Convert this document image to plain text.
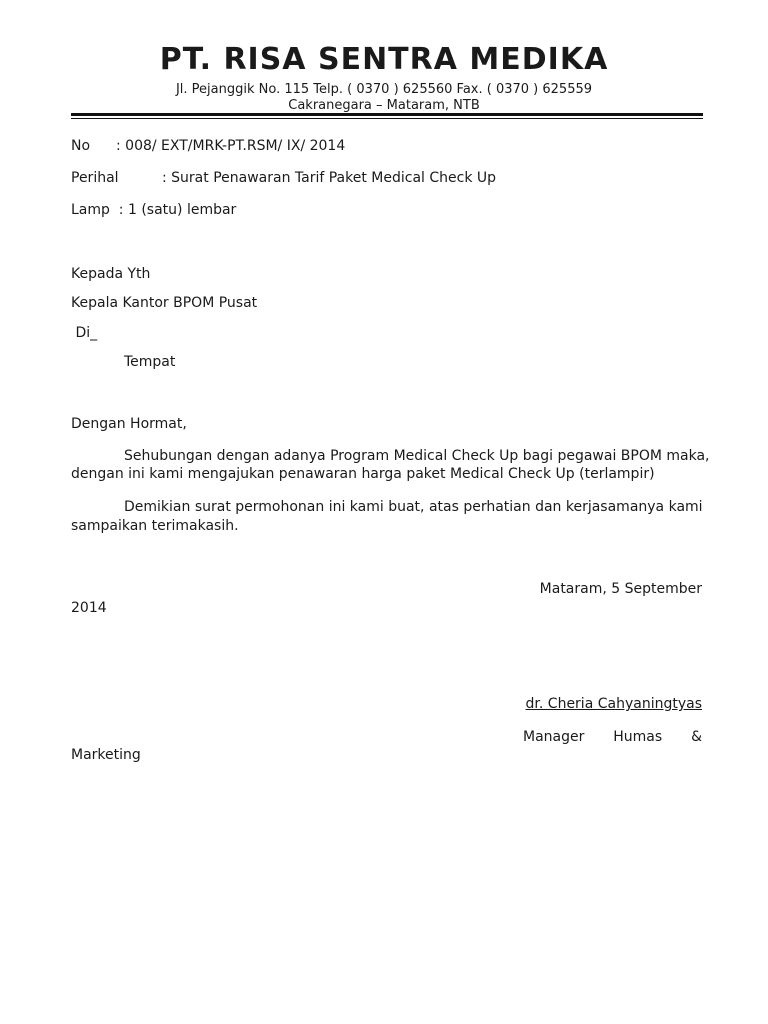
PT. RISA SENTRA MEDIKA
Jl. Pejanggik No. 115 Telp. ( 0370 ) 625560 Fax. ( 0370 ) 625559
Cakranegara – Mataram, NTB
No : 008/ EXT/MRK-PT.RSM/ IX/ 2014
Perihal	: Surat Penawaran Tarif Paket Medical Check Up
Lamp  : 1 (satu) lembar
Kepada Yth
Kepala Kantor BPOM Pusat
Di_
Tempat
Dengan Hormat,
Sehubungan dengan adanya Program Medical Check Up bagi pegawai BPOM maka,
dengan ini kami mengajukan penawaran harga paket Medical Check Up (terlampir)
Demikian surat permohonan ini kami buat, atas perhatian dan kerjasamanya kami
sampaikan terimakasih.
Mataram, 5 September
2014
dr. Cheria Cahyaningtyas
Manager Humas &
Marketing
